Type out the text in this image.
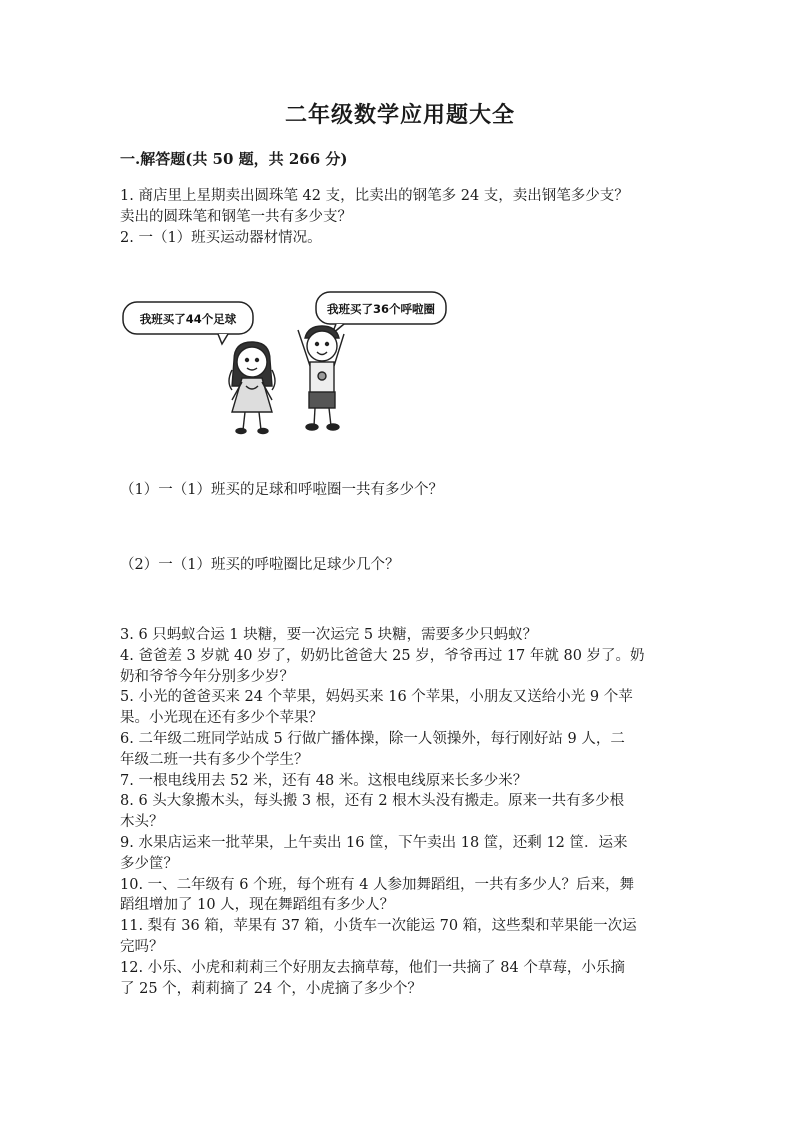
二年级数学应用题大全
一.解答题(共 50 题，共 266 分)

1. 商店里上星期卖出圆珠笔 42 支，比卖出的钢笔多 24 支，卖出钢笔多少支？

卖出的圆珠笔和钢笔一共有多少支？

2. 一（1）班买运动器材情况。

我班买了44个足球
我班买了36个呼啦圈
（1）一（1）班买的足球和呼啦圈一共有多少个？
（2）一（1）班买的呼啦圈比足球少几个？

3. 6 只蚂蚁合运 1 块糖，要一次运完 5 块糖，需要多少只蚂蚁？

4. 爸爸差 3 岁就 40 岁了，奶奶比爸爸大 25 岁，爷爷再过 17 年就 80 岁了。奶

奶和爷爷今年分别多少岁？

5. 小光的爸爸买来 24 个苹果，妈妈买来 16 个苹果，小朋友又送给小光 9 个苹

果。小光现在还有多少个苹果？

6. 二年级二班同学站成 5 行做广播体操，除一人领操外，每行刚好站 9 人，二

年级二班一共有多少个学生？

7. 一根电线用去 52 米，还有 48 米。这根电线原来长多少米？

8. 6 头大象搬木头，每头搬 3 根，还有 2 根木头没有搬走。原来一共有多少根

木头？

9. 水果店运来一批苹果，上午卖出 16 筐，下午卖出 18 筐，还剩 12 筐．运来

多少筐？

10. 一、二年级有 6 个班，每个班有 4 人参加舞蹈组，一共有多少人？后来，舞

蹈组增加了 10 人，现在舞蹈组有多少人？

11. 梨有 36 箱，苹果有 37 箱，小货车一次能运 70 箱，这些梨和苹果能一次运

完吗？

12. 小乐、小虎和莉莉三个好朋友去摘草莓，他们一共摘了 84 个草莓，小乐摘

了 25 个，莉莉摘了 24 个，小虎摘了多少个？
